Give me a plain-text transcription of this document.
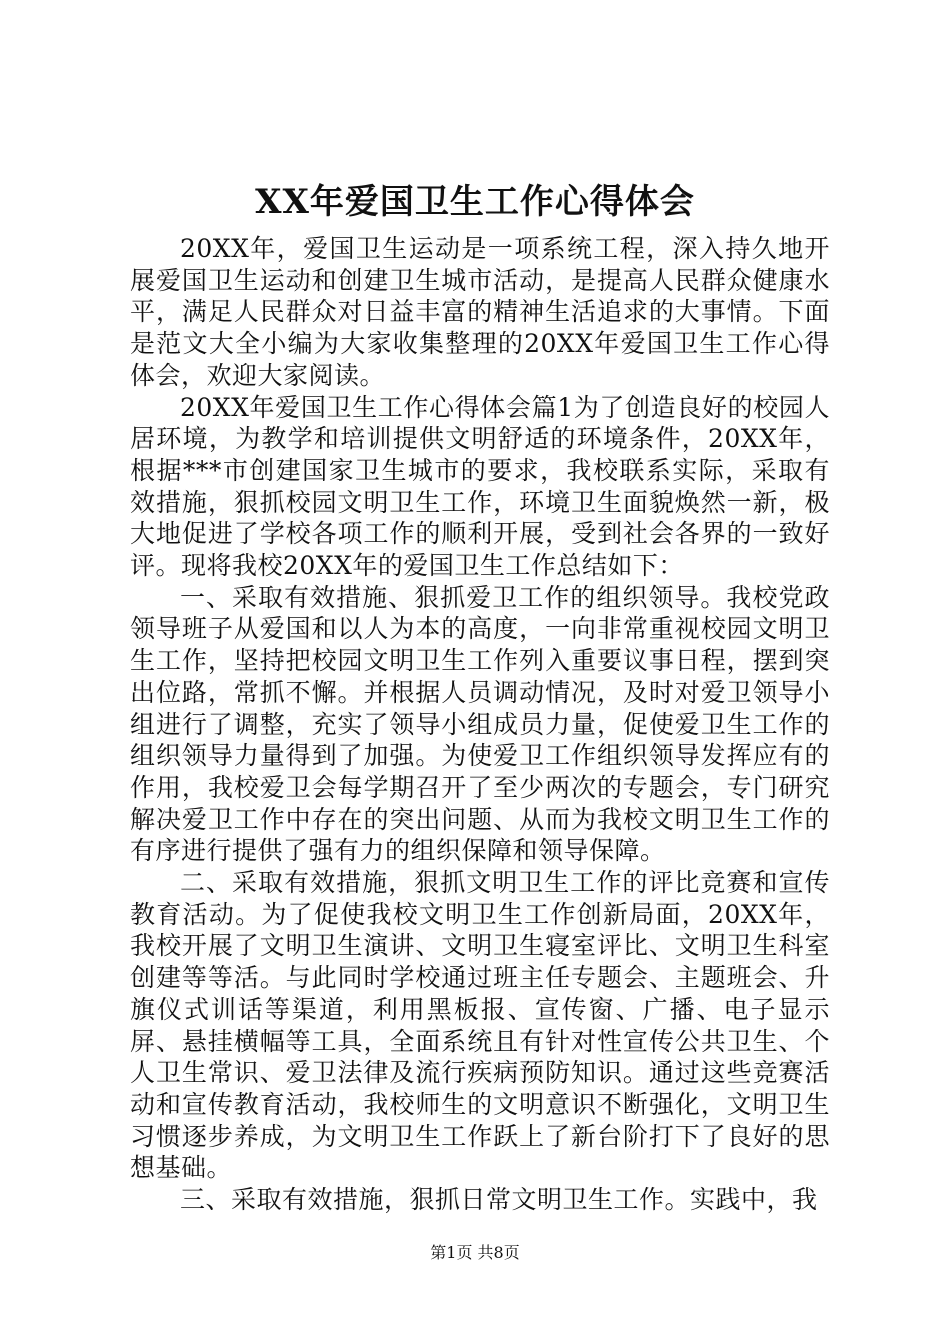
XX年爱国卫生工作心得体会

20XX年，爱国卫生运动是一项系统工程，深入持久地开展爱国卫生运动和创建卫生城市活动，是提高人民群众健康水平，满足人民群众对日益丰富的精神生活追求的大事情。下面是范文大全小编为大家收集整理的20XX年爱国卫生工作心得体会，欢迎大家阅读。

20XX年爱国卫生工作心得体会篇1为了创造良好的校园人居环境，为教学和培训提供文明舒适的环境条件，20XX年，根据***市创建国家卫生城市的要求，我校联系实际，采取有效措施，狠抓校园文明卫生工作，环境卫生面貌焕然一新，极大地促进了学校各项工作的顺利开展，受到社会各界的一致好评。现将我校20XX年的爱国卫生工作总结如下：

一、采取有效措施、狠抓爱卫工作的组织领导。我校党政领导班子从爱国和以人为本的高度，一向非常重视校园文明卫生工作，坚持把校园文明卫生工作列入重要议事日程，摆到突出位路，常抓不懈。并根据人员调动情况，及时对爱卫领导小组进行了调整，充实了领导小组成员力量，促使爱卫生工作的组织领导力量得到了加强。为使爱卫工作组织领导发挥应有的作用，我校爱卫会每学期召开了至少两次的专题会，专门研究解决爱卫工作中存在的突出问题、从而为我校文明卫生工作的有序进行提供了强有力的组织保障和领导保障。

二、采取有效措施，狠抓文明卫生工作的评比竞赛和宣传教育活动。为了促使我校文明卫生工作创新局面，20XX年，我校开展了文明卫生演讲、文明卫生寝室评比、文明卫生科室创建等等活。与此同时学校通过班主任专题会、主题班会、升旗仪式训话等渠道，利用黑板报、宣传窗、广播、电子显示屏、悬挂横幅等工具，全面系统且有针对性宣传公共卫生、个人卫生常识、爱卫法律及流行疾病预防知识。通过这些竞赛活动和宣传教育活动，我校师生的文明意识不断强化，文明卫生习惯逐步养成，为文明卫生工作跃上了新台阶打下了良好的思想基础。

三、采取有效措施，狠抓日常文明卫生工作。实践中，我

第1页 共8页
